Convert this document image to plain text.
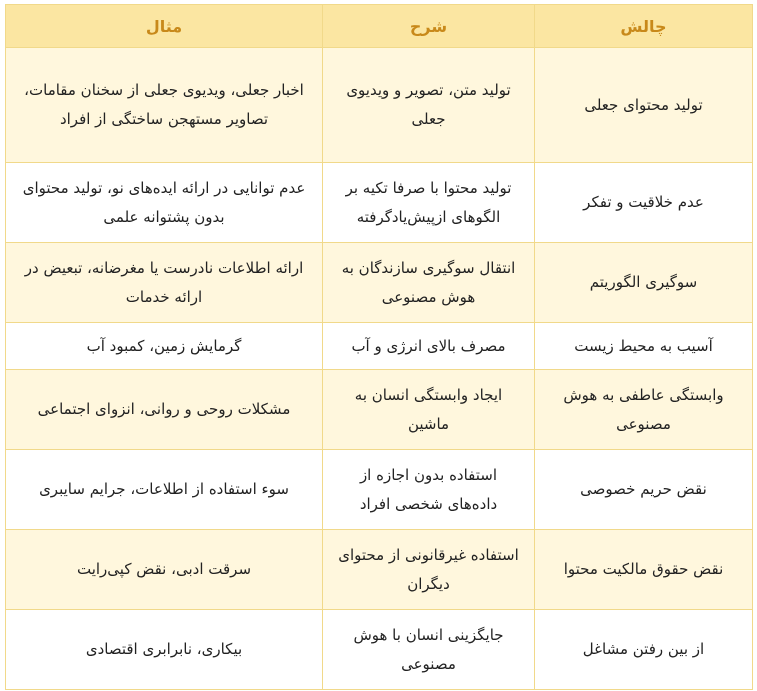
چالش	شرح	مثال
تولید محتوای جعلی	تولید متن، تصویر و ویدیوی جعلی	اخبار جعلی، ویدیوی جعلی از سخنان مقامات، تصاویر مستهجن ساختگی از افراد
عدم خلاقیت و تفکر	تولید محتوا با صرفا تکیه بر الگوهای ازپیش‌یادگرفته	عدم توانایی در ارائه ایده‌های نو، تولید محتوای بدون پشتوانه علمی
سوگیری الگوریتم	انتقال سوگیری سازندگان به هوش مصنوعی	ارائه اطلاعات نادرست یا مغرضانه، تبعیض در ارائه خدمات
آسیب به محیط زیست	مصرف بالای انرژی و آب	گرمایش زمین، کمبود آب
وابستگی عاطفی به هوش مصنوعی	ایجاد وابستگی انسان به ماشین	مشکلات روحی و روانی، انزوای اجتماعی
نقض حریم خصوصی	استفاده بدون اجازه از داده‌های شخصی افراد	سوء استفاده از اطلاعات، جرایم سایبری
نقض حقوق مالکیت محتوا	استفاده غیرقانونی از محتوای دیگران	سرقت ادبی، نقض کپی‌رایت
از بین رفتن مشاغل	جایگزینی انسان با هوش مصنوعی	بیکاری، نابرابری اقتصادی
